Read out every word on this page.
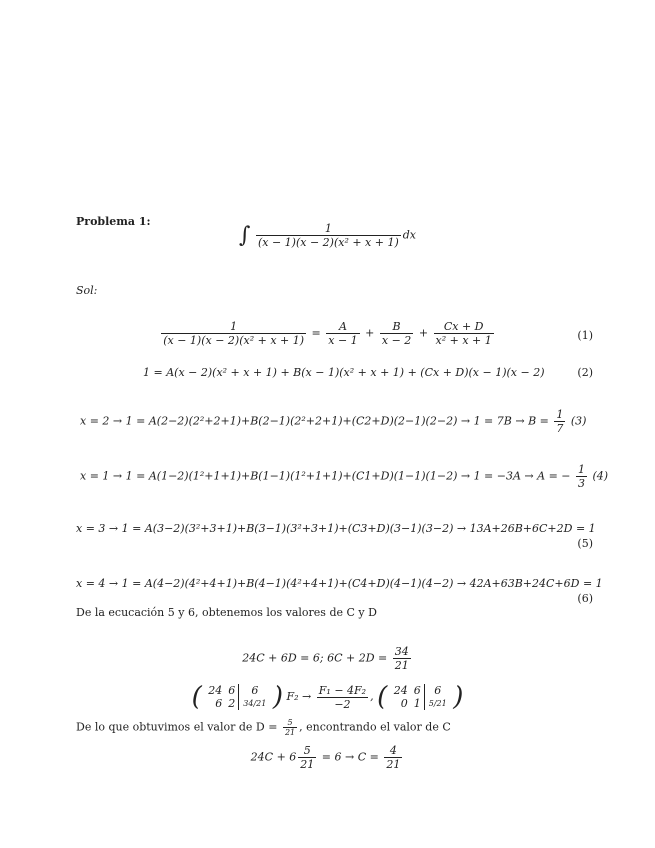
Problema 1:
∫ $\frac{1}{\text{(x − 1)(x − 2)(x² + x + 1)}}$ dx
Sol:
$\frac{1}{\text{(x − 1)(x − 2)(x² + x + 1)}} = \frac{A}{x - 1} + \frac{B}{x - 2} + \frac{Cx + D}{\text{x² + x + 1}}$	(1)
1 = A(x − 2)(x² + x + 1) + B(x − 1)(x² + x + 1) + (Cx + D)(x − 1)(x − 2)	(2)
$x = 2 \to 1 = A(2-2)(2^2+2+1)+B(2-1)(2^2+2+1)+(C2+D)(2-1)(2-2) \to 1 = 7B \to B = \frac{1}{7} (3)$
x = 1 → 1 = A(1−2)(1²+1+1)+B(1−1)(1²+1+1)+(C1+D)(1−1)(1−2) → 1 = −3A → A = − $\frac{1}{3} (4)$
x = 3 → 1 = A(3−2)(3²+3+1)+B(3−1)(3²+3+1)+(C3+D)(3−1)(3−2) → 13A+26B+6C+2D = 1
(5)
x = 4 → 1 = A(4−2)(4²+4+1)+B(4−1)(4²+4+1)+(C4+D)(4−1)(4−2) → 42A+63B+24C+6D = 1
(6)
De la ecucación 5 y 6, obtenemos los valores de C y D
24C + 6D = 6; $6C + 2D = \frac{34}{21}$
( 24	6	6
6	2	34/21 ) $F_2 \to \frac{\text{F₁ − 4F₂}}{-2}$ , ( 24	6	6
0	1	5/21 )
De lo que obtuvimos el valor de $D = \frac{5}{21}$ , encontrando el valor de C
$24C + 6 \frac{5}{21} = 6 \to C = \frac{4}{21}$
